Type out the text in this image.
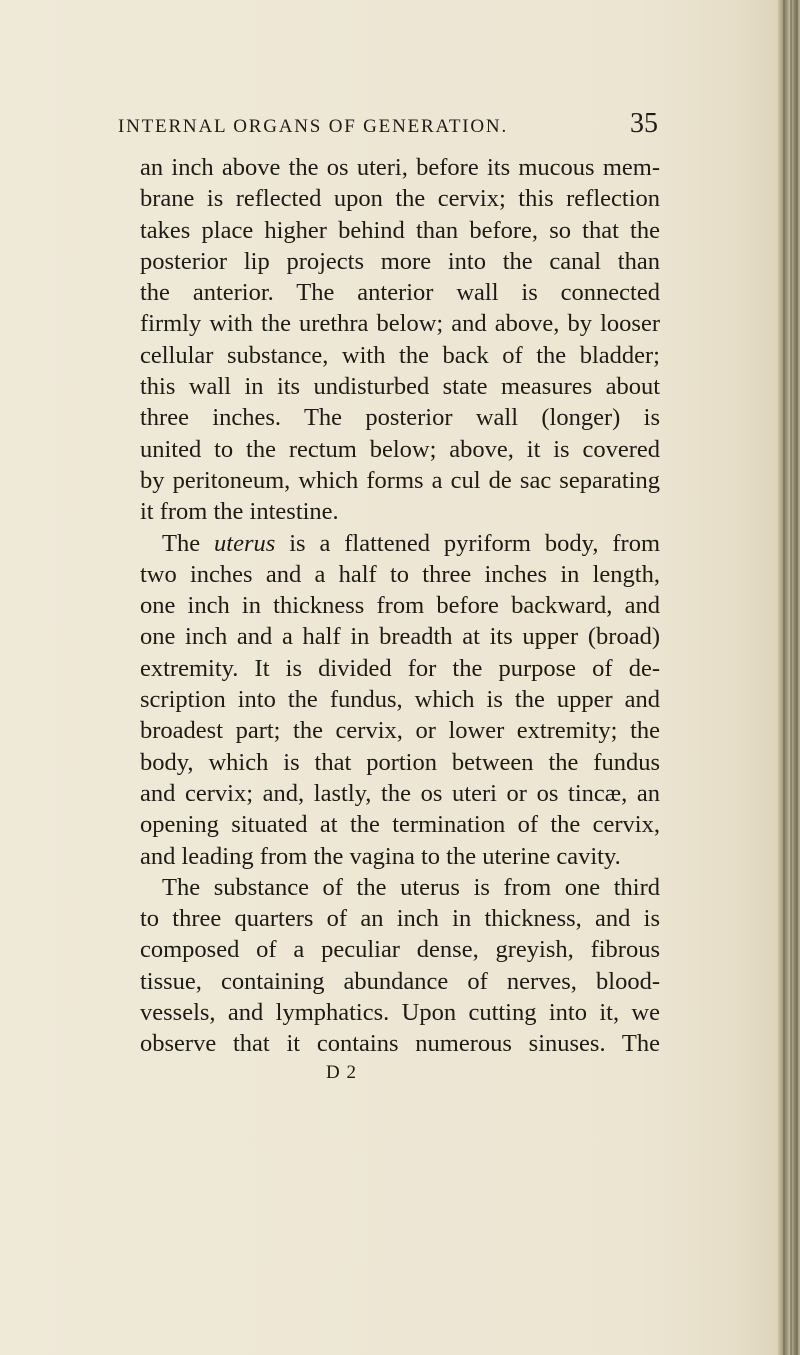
INTERNAL ORGANS OF GENERATION.	35
an inch above the os uteri, before its mucous mem-
brane is reflected upon the cervix; this reflection
takes place higher behind than before, so that the
posterior lip projects more into the canal than
the anterior. The anterior wall is connected
firmly with the urethra below; and above, by looser
cellular substance, with the back of the bladder;
this wall in its undisturbed state measures about
three inches. The posterior wall (longer) is
united to the rectum below; above, it is covered
by peritoneum, which forms a cul de sac separating
it from the intestine.
The uterus is a flattened pyriform body, from
two inches and a half to three inches in length,
one inch in thickness from before backward, and
one inch and a half in breadth at its upper (broad)
extremity. It is divided for the purpose of de-
scription into the fundus, which is the upper and
broadest part; the cervix, or lower extremity; the
body, which is that portion between the fundus
and cervix; and, lastly, the os uteri or os tincæ, an
opening situated at the termination of the cervix,
and leading from the vagina to the uterine cavity.
The substance of the uterus is from one third
to three quarters of an inch in thickness, and is
composed of a peculiar dense, greyish, fibrous
tissue, containing abundance of nerves, blood-
vessels, and lymphatics. Upon cutting into it, we
observe that it contains numerous sinuses. The
D 2
